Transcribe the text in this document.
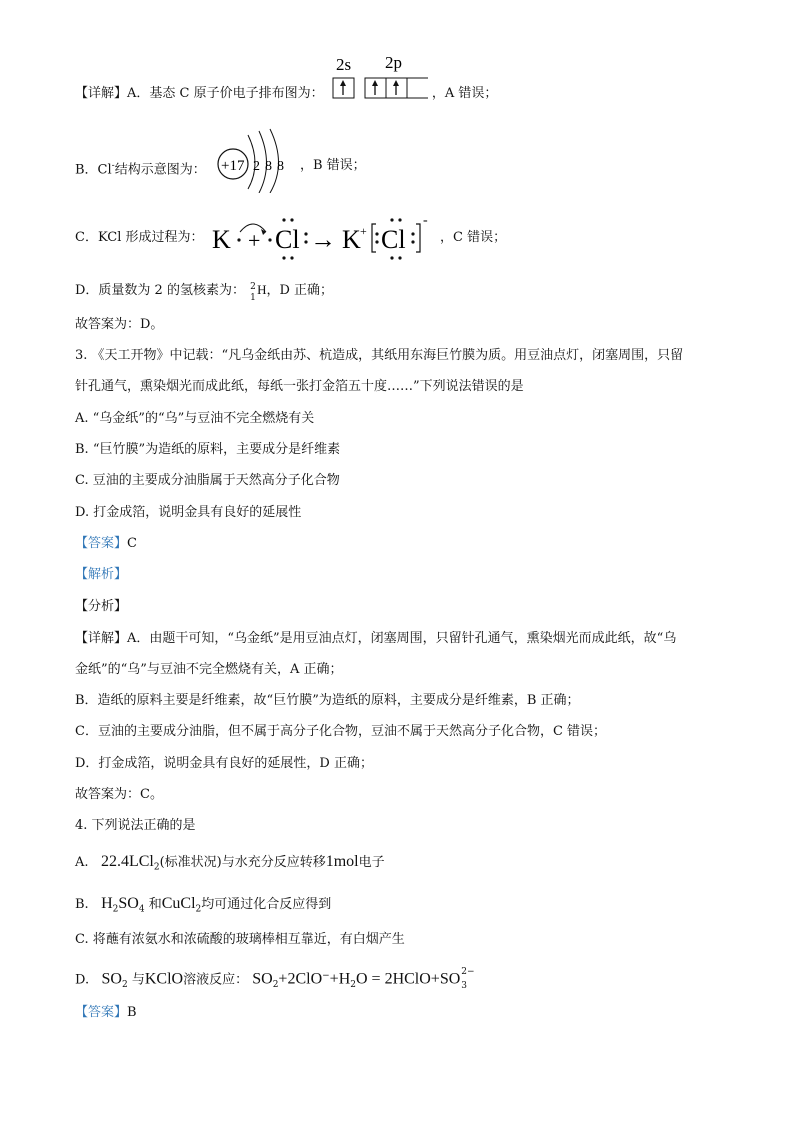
【详解】A．基态 C 原子价电子排布图为：
2s 2p
，A 错误；
B．Cl-结构示意图为： +17 2 8 8 ，B 错误；
C．KCl 形成过程为： K + Cl → K + Cl
-
，C 错误；
D．质量数为 2 的氢核素为： 2
1
H，D 正确；
故答案为：D。
3. 《天工开物》中记载：“凡乌金纸由苏、杭造成，其纸用东海巨竹膜为质。用豆油点灯，闭塞周围，只留
针孔通气，熏染烟光而成此纸，每纸一张打金箔五十度……”下列说法错误的是
A. “乌金纸”的“乌”与豆油不完全燃烧有关
B. “巨竹膜”为造纸的原料，主要成分是纤维素
C. 豆油的主要成分油脂属于天然高分子化合物
D. 打金成箔，说明金具有良好的延展性
【答案】C
【解析】
【分析】
【详解】A．由题干可知，“乌金纸”是用豆油点灯，闭塞周围，只留针孔通气，熏染烟光而成此纸，故“乌
金纸”的“乌”与豆油不完全燃烧有关，A 正确；
B．造纸的原料主要是纤维素，故“巨竹膜”为造纸的原料，主要成分是纤维素，B 正确；
C．豆油的主要成分油脂，但不属于高分子化合物，豆油不属于天然高分子化合物，C 错误；
D．打金成箔，说明金具有良好的延展性，D 正确；
故答案为：C。
4. 下列说法正确的是
A. 22.4LCl$_2$(标准状况)与水充分反应转移1mol电子
B. $H_2SO_4$ 和CuCl$_2$均可通过化合反应得到
C. 将蘸有浓氨水和浓硫酸的玻璃棒相互靠近，有白烟产生
D. $SO_2$ 与KClO溶液反应： $SO_2+2ClO^-+H_2O$ = 2HClO+SO 2−
3
【答案】B
